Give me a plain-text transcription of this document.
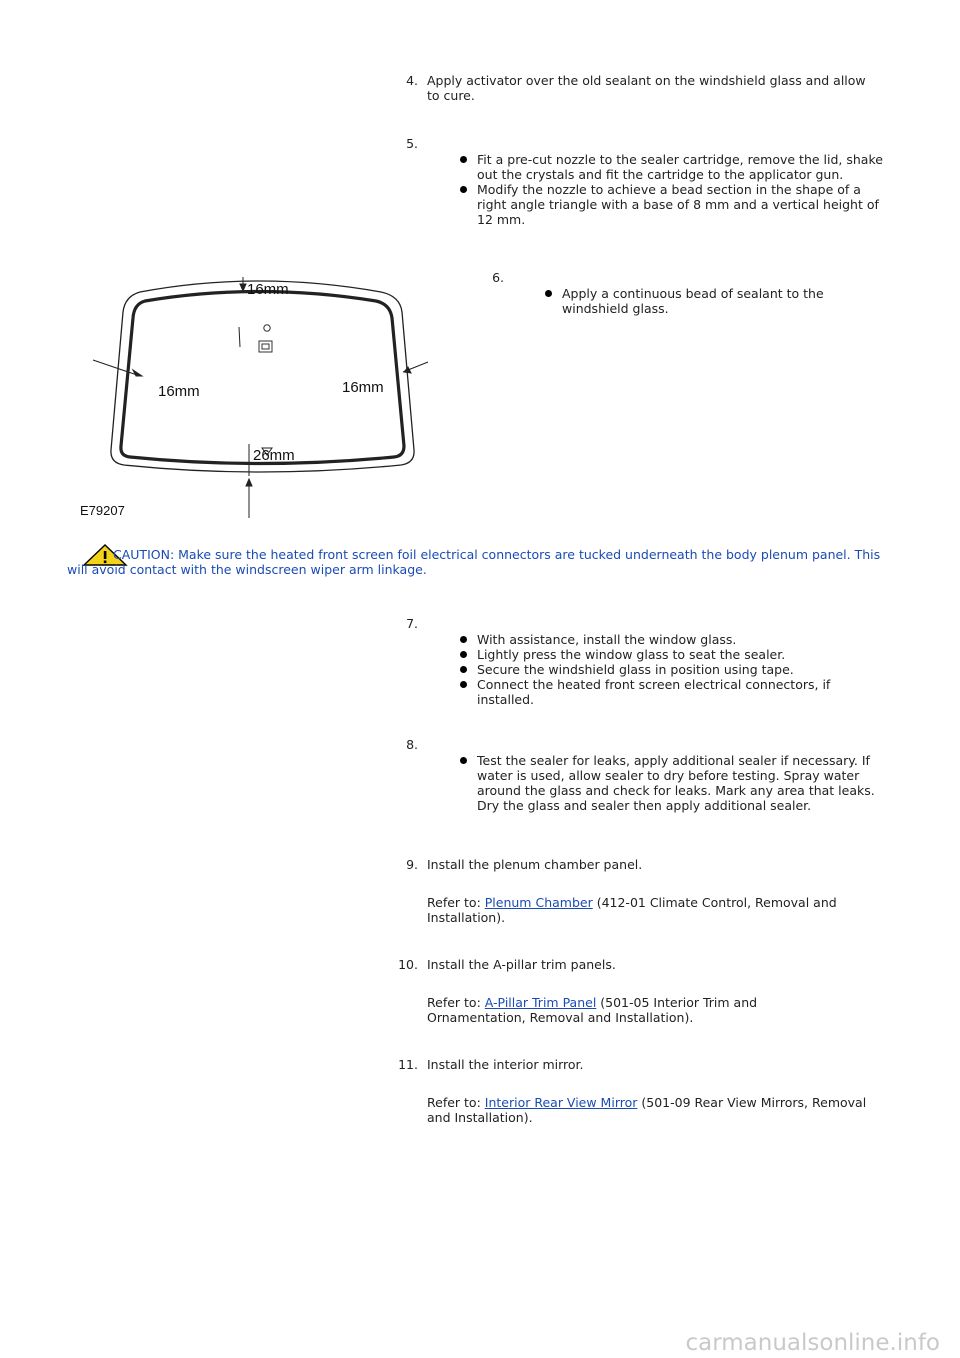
4. Apply activator over the old sealant on the windshield glass and allow to cure.
5.
Fit a pre-cut nozzle to the sealer cartridge, remove the lid, shake out the crystals and fit the cartridge to the applicator gun.
Modify the nozzle to achieve a bead section in the shape of a right angle triangle with a base of 8 mm and a vertical height of 12 mm.
16mm
16mm	16mm
26mm
E79207
6.
Apply a continuous bead of sealant to the windshield glass.
CAUTION: Make sure the heated front screen foil electrical connectors are tucked underneath the body plenum panel. This will avoid contact with the windscreen wiper arm linkage.
7.
With assistance, install the window glass.
Lightly press the window glass to seat the sealer.
Secure the windshield glass in position using tape.
Connect the heated front screen electrical connectors, if installed.
8.
Test the sealer for leaks, apply additional sealer if necessary. If water is used, allow sealer to dry before testing. Spray water around the glass and check for leaks. Mark any area that leaks. Dry the glass and sealer then apply additional sealer.
9. Install the plenum chamber panel.
Refer to: Plenum Chamber (412-01 Climate Control, Removal and Installation).
10. Install the A-pillar trim panels.
Refer to: A-Pillar Trim Panel (501-05 Interior Trim and Ornamentation, Removal and Installation).
11. Install the interior mirror.
Refer to: Interior Rear View Mirror (501-09 Rear View Mirrors, Removal and Installation).
carmanualsonline.info
